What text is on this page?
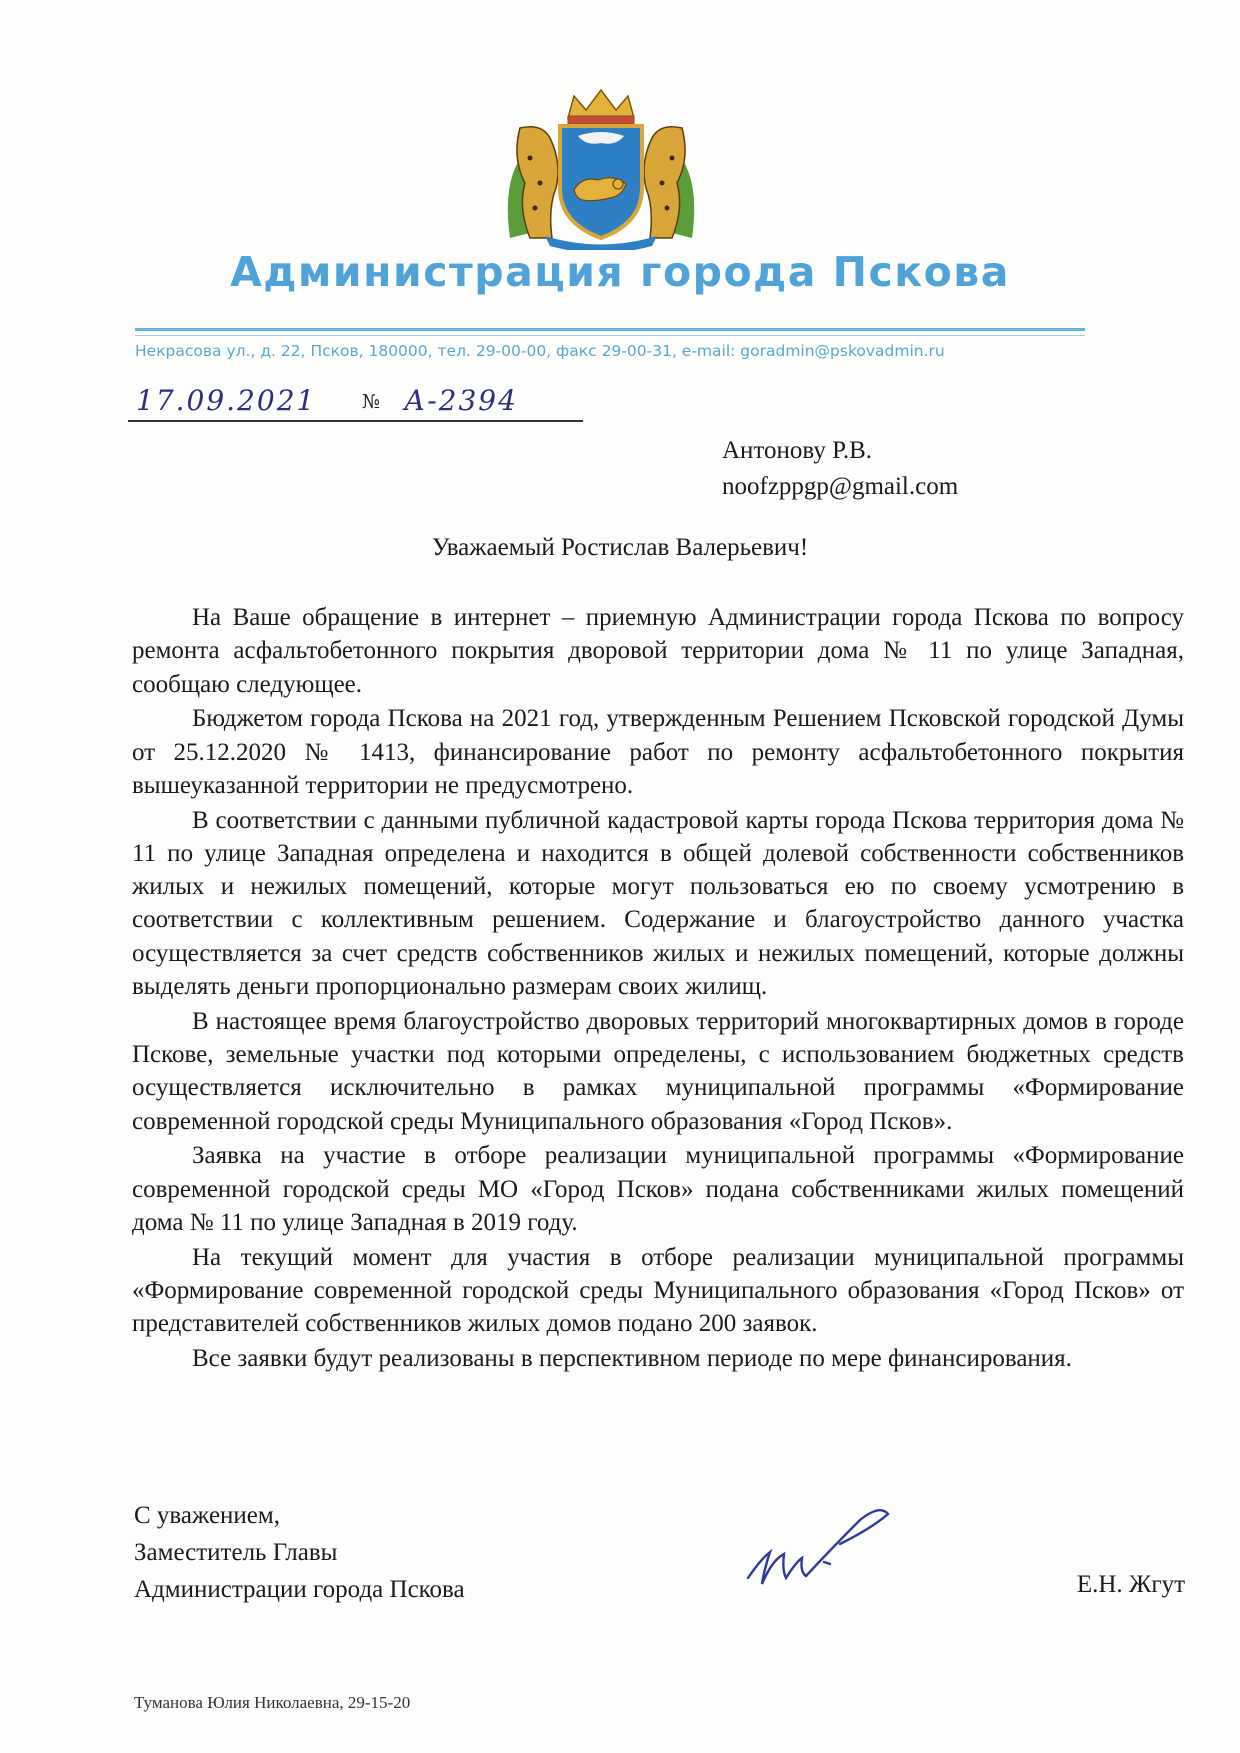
Администрация города Пскова
Некрасова ул., д. 22, Псков, 180000, тел. 29-00-00, факс 29-00-31, e-mail: goradmin@pskovadmin.ru
17.09.2021 № А-2394
Антонову Р.В.
noofzppgp@gmail.com
Уважаемый Ростислав Валерьевич!

На Ваше обращение в интернет – приемную Администрации города Пскова по вопросу ремонта асфальтобетонного покрытия дворовой территории дома № 11 по улице Западная, сообщаю следующее.

Бюджетом города Пскова на 2021 год, утвержденным Решением Псковской городской Думы от 25.12.2020 № 1413, финансирование работ по ремонту асфальтобетонного покрытия вышеуказанной территории не предусмотрено.

В соответствии с данными публичной кадастровой карты города Пскова территория дома № 11 по улице Западная определена и находится в общей долевой собственности собственников жилых и нежилых помещений, которые могут пользоваться ею по своему усмотрению в соответствии с коллективным решением. Содержание и благоустройство данного участка осуществляется за счет средств собственников жилых и нежилых помещений, которые должны выделять деньги пропорционально размерам своих жилищ.

В настоящее время благоустройство дворовых территорий многоквартирных домов в городе Пскове, земельные участки под которыми определены, с использованием бюджетных средств осуществляется исключительно в рамках муниципальной программы «Формирование современной городской среды Муниципального образования «Город Псков».

Заявка на участие в отборе реализации муниципальной программы «Формирование современной городской среды МО «Город Псков» подана собственниками жилых помещений дома № 11 по улице Западная в 2019 году.

На текущий момент для участия в отборе реализации муниципальной программы «Формирование современной городской среды Муниципального образования «Город Псков» от представителей собственников жилых домов подано 200 заявок.

Все заявки будут реализованы в перспективном периоде по мере финансирования.

С уважением,
Заместитель Главы
Администрации города Пскова	Е.Н. Жгут
Туманова Юлия Николаевна, 29-15-20
